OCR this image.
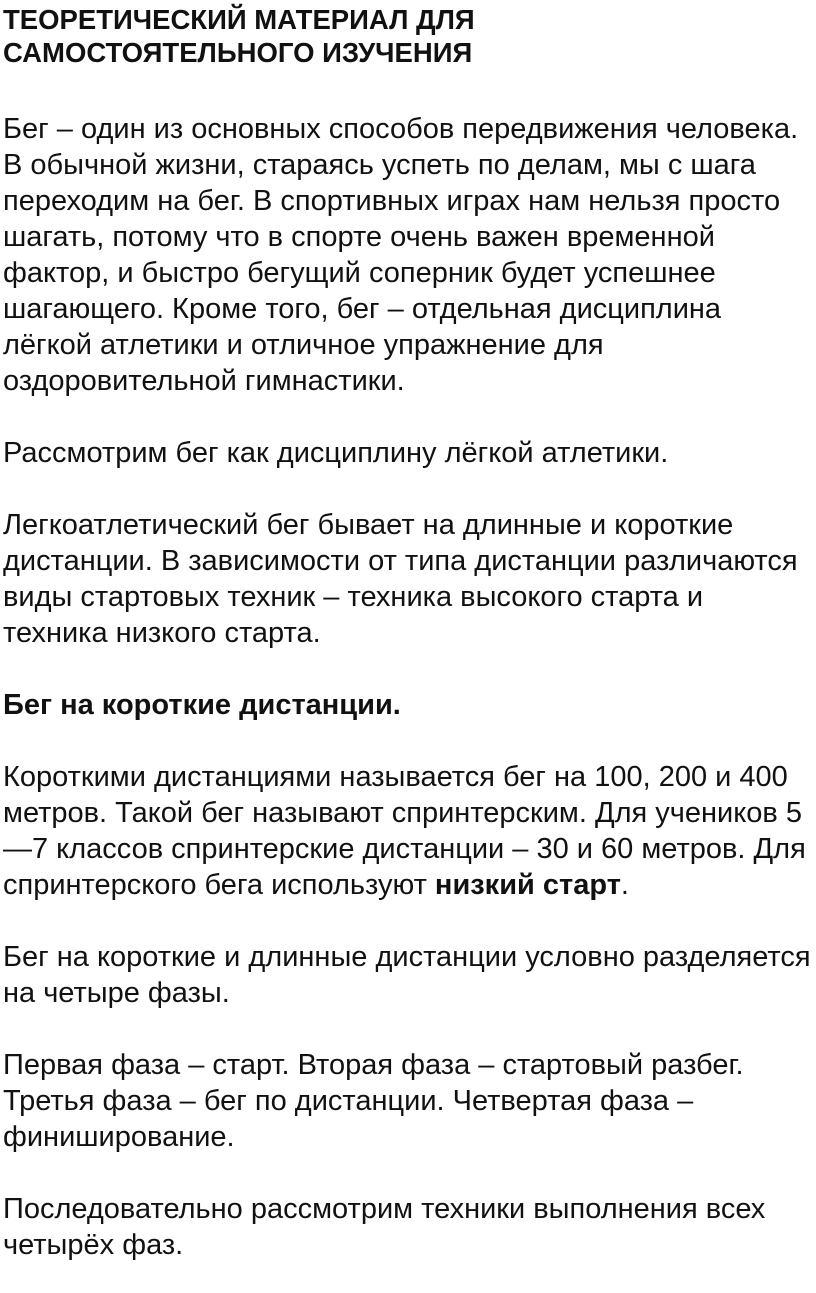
ТЕОРЕТИЧЕСКИЙ МАТЕРИАЛ ДЛЯ
САМОСТОЯТЕЛЬНОГО ИЗУЧЕНИЯ

Бег – один из основных способов передвижения человека. В обычной жизни, стараясь успеть по делам, мы с шага переходим на бег. В спортивных играх нам нельзя просто шагать, потому что в спорте очень важен временной фактор, и быстро бегущий соперник будет успешнее шагающего. Кроме того, бег – отдельная дисциплина лёгкой атлетики и отличное упражнение для оздоровительной гимнастики.

Рассмотрим бег как дисциплину лёгкой атлетики.

Легкоатлетический бег бывает на длинные и короткие дистанции. В зависимости от типа дистанции различаются виды стартовых техник – техника высокого старта и техника низкого старта.

Бег на короткие дистанции.

Короткими дистанциями называется бег на 100, 200 и 400 метров. Такой бег называют спринтерским. Для учеников 5—7 классов спринтерские дистанции – 30 и 60 метров. Для спринтерского бега используют низкий старт.

Бег на короткие и длинные дистанции условно разделяется на четыре фазы.

Первая фаза – старт. Вторая фаза – стартовый разбег. Третья фаза – бег по дистанции. Четвертая фаза – финиширование.

Последовательно рассмотрим техники выполнения всех четырёх фаз.
